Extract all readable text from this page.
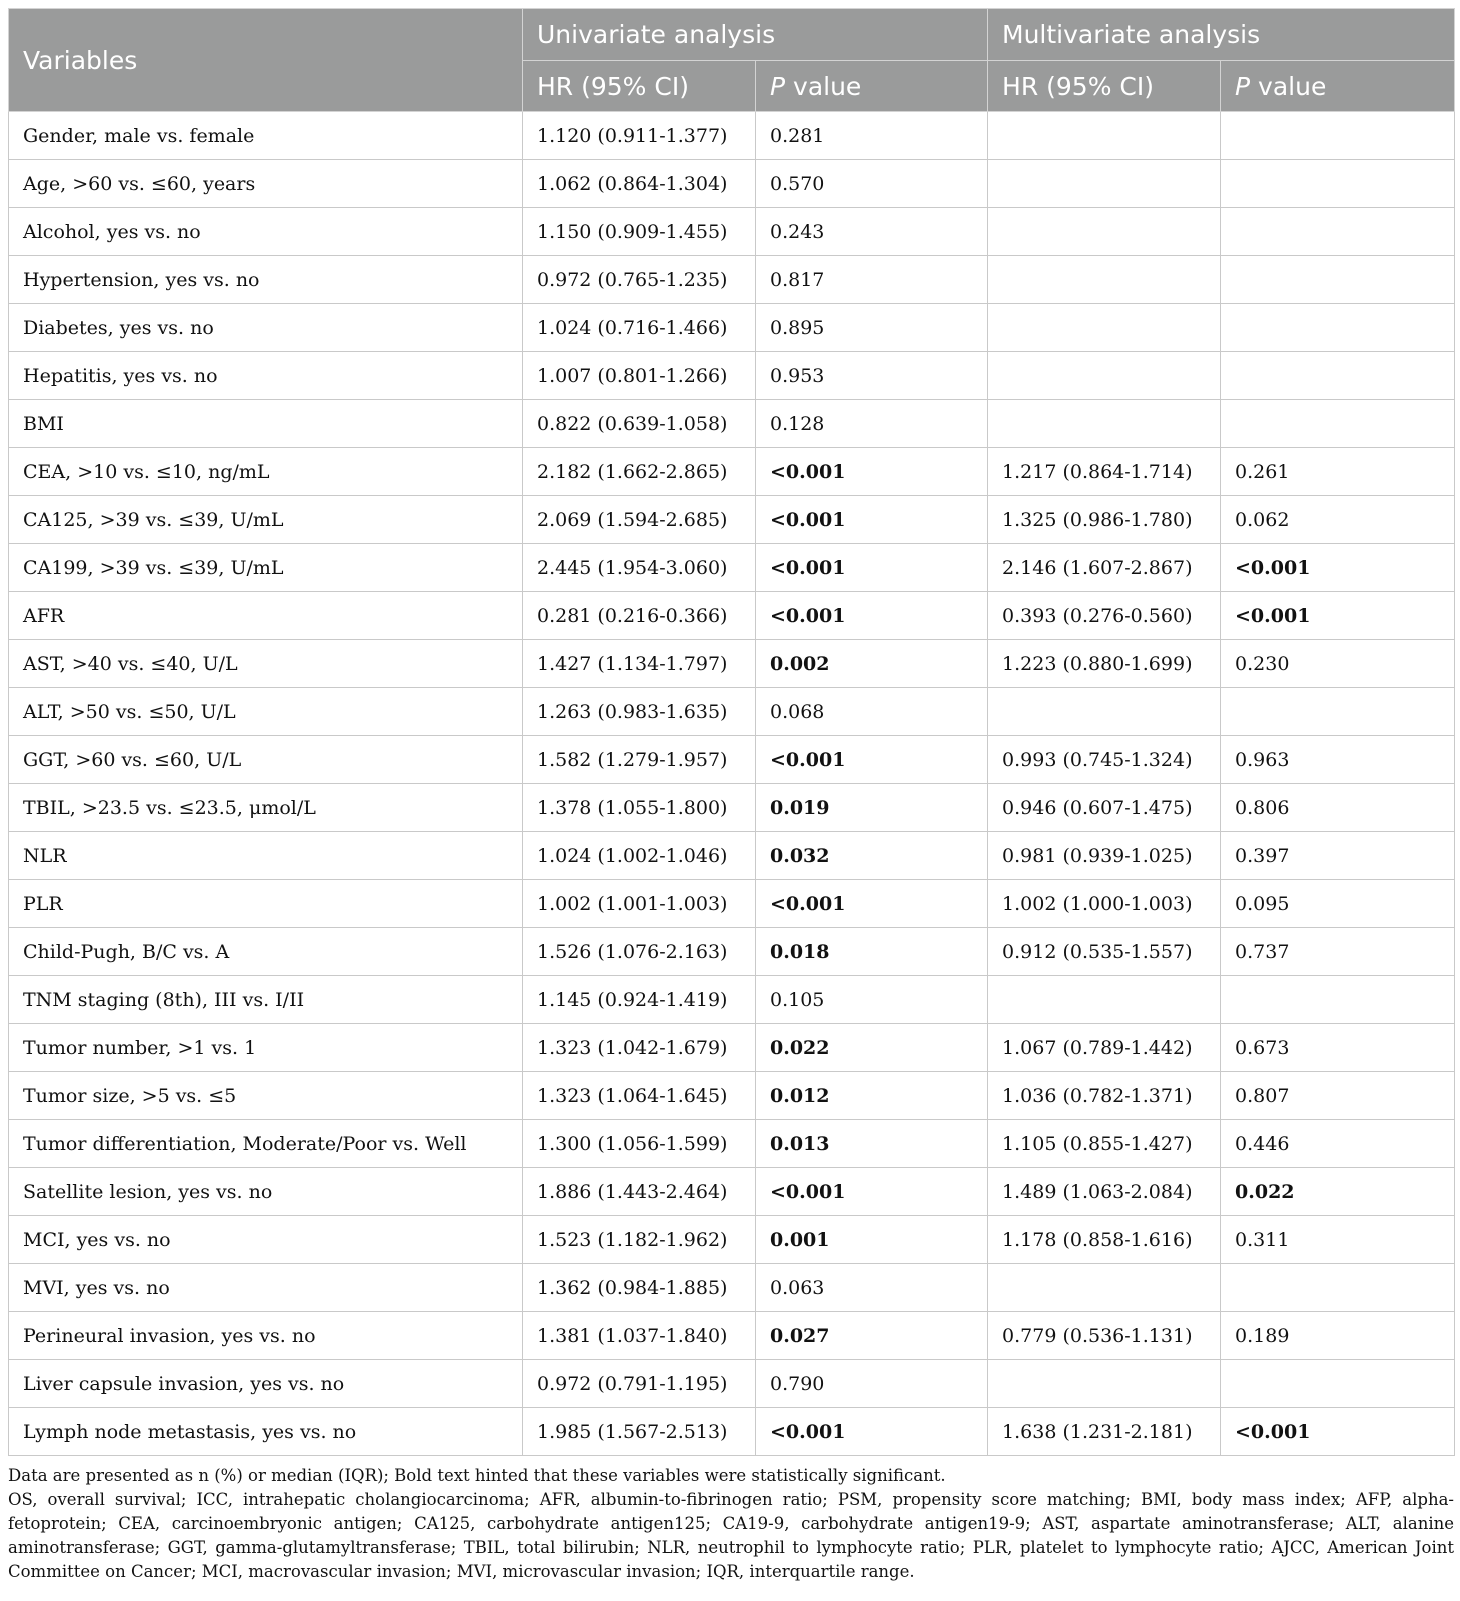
Variables	Univariate analysis		Multivariate analysis	
	HR (95% CI)	P value	HR (95% CI)	P value
Gender, male vs. female	1.120 (0.911-1.377)	0.281		
Age, >60 vs. ≤60, years	1.062 (0.864-1.304)	0.570		
Alcohol, yes vs. no	1.150 (0.909-1.455)	0.243		
Hypertension, yes vs. no	0.972 (0.765-1.235)	0.817		
Diabetes, yes vs. no	1.024 (0.716-1.466)	0.895		
Hepatitis, yes vs. no	1.007 (0.801-1.266)	0.953		
BMI	0.822 (0.639-1.058)	0.128		
CEA, >10 vs. ≤10, ng/mL	2.182 (1.662-2.865)	<0.001	1.217 (0.864-1.714)	0.261
CA125, >39 vs. ≤39, U/mL	2.069 (1.594-2.685)	<0.001	1.325 (0.986-1.780)	0.062
CA199, >39 vs. ≤39, U/mL	2.445 (1.954-3.060)	<0.001	2.146 (1.607-2.867)	<0.001
AFR	0.281 (0.216-0.366)	<0.001	0.393 (0.276-0.560)	<0.001
AST, >40 vs. ≤40, U/L	1.427 (1.134-1.797)	0.002	1.223 (0.880-1.699)	0.230
ALT, >50 vs. ≤50, U/L	1.263 (0.983-1.635)	0.068		
GGT, >60 vs. ≤60, U/L	1.582 (1.279-1.957)	<0.001	0.993 (0.745-1.324)	0.963
TBIL, >23.5 vs. ≤23.5, μmol/L	1.378 (1.055-1.800)	0.019	0.946 (0.607-1.475)	0.806
NLR	1.024 (1.002-1.046)	0.032	0.981 (0.939-1.025)	0.397
PLR	1.002 (1.001-1.003)	<0.001	1.002 (1.000-1.003)	0.095
Child-Pugh, B/C vs. A	1.526 (1.076-2.163)	0.018	0.912 (0.535-1.557)	0.737
TNM staging (8th), III vs. I/II	1.145 (0.924-1.419)	0.105		
Tumor number, >1 vs. 1	1.323 (1.042-1.679)	0.022	1.067 (0.789-1.442)	0.673
Tumor size, >5 vs. ≤5	1.323 (1.064-1.645)	0.012	1.036 (0.782-1.371)	0.807
Tumor differentiation, Moderate/Poor vs. Well	1.300 (1.056-1.599)	0.013	1.105 (0.855-1.427)	0.446
Satellite lesion, yes vs. no	1.886 (1.443-2.464)	<0.001	1.489 (1.063-2.084)	0.022
MCI, yes vs. no	1.523 (1.182-1.962)	0.001	1.178 (0.858-1.616)	0.311
MVI, yes vs. no	1.362 (0.984-1.885)	0.063		
Perineural invasion, yes vs. no	1.381 (1.037-1.840)	0.027	0.779 (0.536-1.131)	0.189
Liver capsule invasion, yes vs. no	0.972 (0.791-1.195)	0.790		
Lymph node metastasis, yes vs. no	1.985 (1.567-2.513)	<0.001	1.638 (1.231-2.181)	<0.001

Data are presented as n (%) or median (IQR); Bold text hinted that these variables were statistically significant.

OS, overall survival; ICC, intrahepatic cholangiocarcinoma; AFR, albumin-to-fibrinogen ratio; PSM, propensity score matching; BMI, body mass index; AFP, alpha-fetoprotein; CEA, carcinoembryonic antigen; CA125, carbohydrate antigen125; CA19-9, carbohydrate antigen19-9; AST, aspartate aminotransferase; ALT, alanine aminotransferase; GGT, gamma-glutamyltransferase; TBIL, total bilirubin; NLR, neutrophil to lymphocyte ratio; PLR, platelet to lymphocyte ratio; AJCC, American Joint Committee on Cancer; MCI, macrovascular invasion; MVI, microvascular invasion; IQR, interquartile range.
